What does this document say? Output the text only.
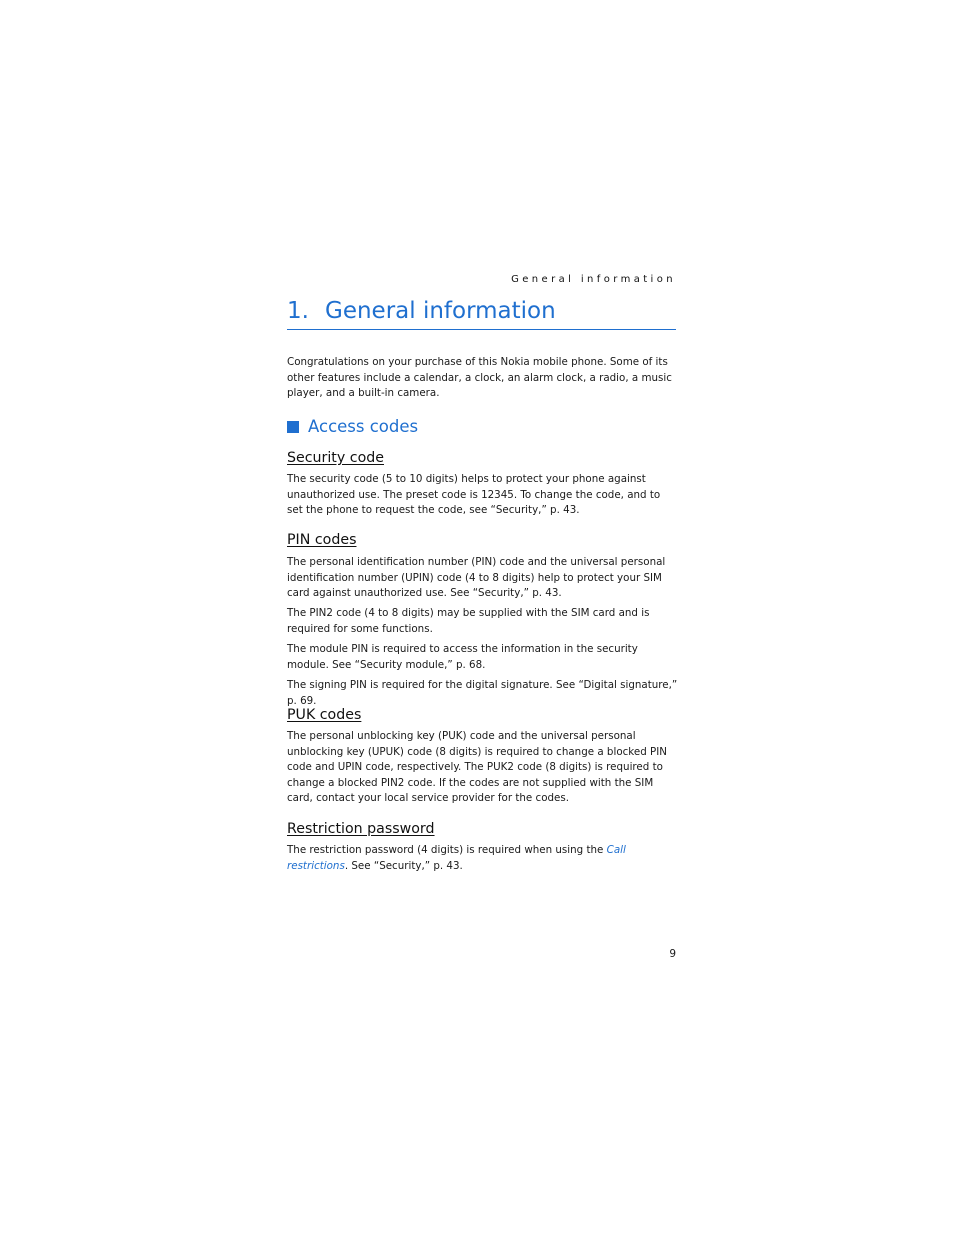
General information
1. General information

Congratulations on your purchase of this Nokia mobile phone. Some of its other features include a calendar, a clock, an alarm clock, a radio, a music player, and a built-in camera.

Access codes
Security code

The security code (5 to 10 digits) helps to protect your phone against unauthorized use. The preset code is 12345. To change the code, and to set the phone to request the code, see “Security,” p. 43.

PIN codes

The personal identification number (PIN) code and the universal personal identification number (UPIN) code (4 to 8 digits) help to protect your SIM card against unauthorized use. See “Security,” p. 43.

The PIN2 code (4 to 8 digits) may be supplied with the SIM card and is required for some functions.

The module PIN is required to access the information in the security module. See “Security module,” p. 68.

The signing PIN is required for the digital signature. See “Digital signature,” p. 69.

PUK codes

The personal unblocking key (PUK) code and the universal personal unblocking key (UPUK) code (8 digits) is required to change a blocked PIN code and UPIN code, respectively. The PUK2 code (8 digits) is required to change a blocked PIN2 code. If the codes are not supplied with the SIM card, contact your local service provider for the codes.

Restriction password

The restriction password (4 digits) is required when using the Call restrictions. See “Security,” p. 43.

9
